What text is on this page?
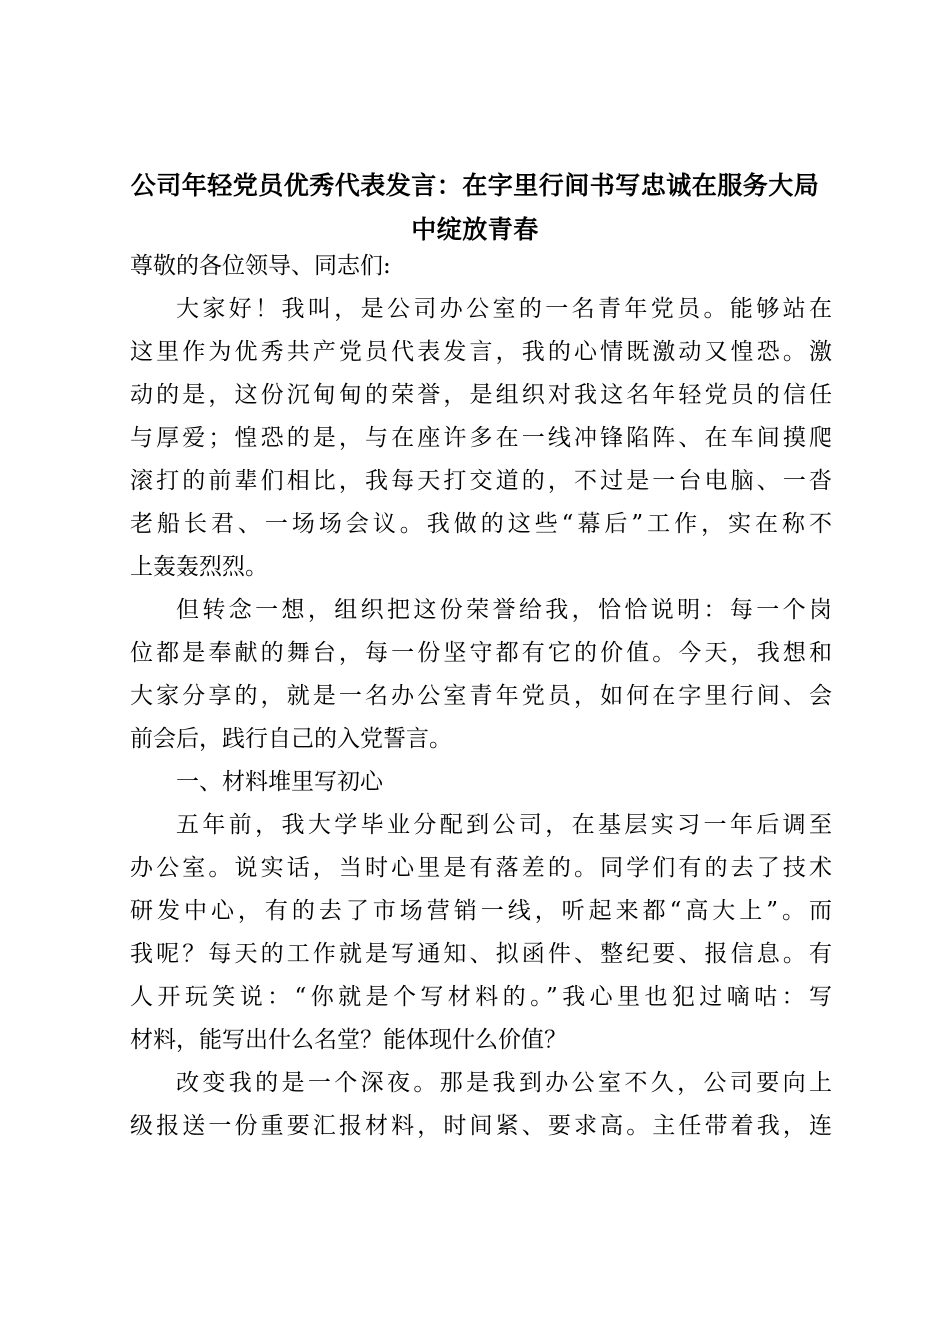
公司年轻党员优秀代表发言：在字里行间书写忠诚在服务大局
中绽放青春
尊敬的各位领导、同志们:
大家好！我叫，是公司办公室的一名青年党员。能够站在
这里作为优秀共产党员代表发言，我的心情既激动又惶恐。激
动的是，这份沉甸甸的荣誉，是组织对我这名年轻党员的信任
与厚爱；惶恐的是，与在座许多在一线冲锋陷阵、在车间摸爬
滚打的前辈们相比，我每天打交道的，不过是一台电脑、一沓
老船长君、一场场会议。我做的这些“幕后”工作，实在称不
上轰轰烈烈。
但转念一想，组织把这份荣誉给我，恰恰说明：每一个岗
位都是奉献的舞台，每一份坚守都有它的价值。今天，我想和
大家分享的，就是一名办公室青年党员，如何在字里行间、会
前会后，践行自己的入党誓言。
一、材料堆里写初心
五年前，我大学毕业分配到公司，在基层实习一年后调至
办公室。说实话，当时心里是有落差的。同学们有的去了技术
研发中心，有的去了市场营销一线，听起来都“高大上”。而
我呢？每天的工作就是写通知、拟函件、整纪要、报信息。有
人开玩笑说：“你就是个写材料的。”我心里也犯过嘀咕：写
材料，能写出什么名堂？能体现什么价值？
改变我的是一个深夜。那是我到办公室不久，公司要向上
级报送一份重要汇报材料，时间紧、要求高。主任带着我，连
